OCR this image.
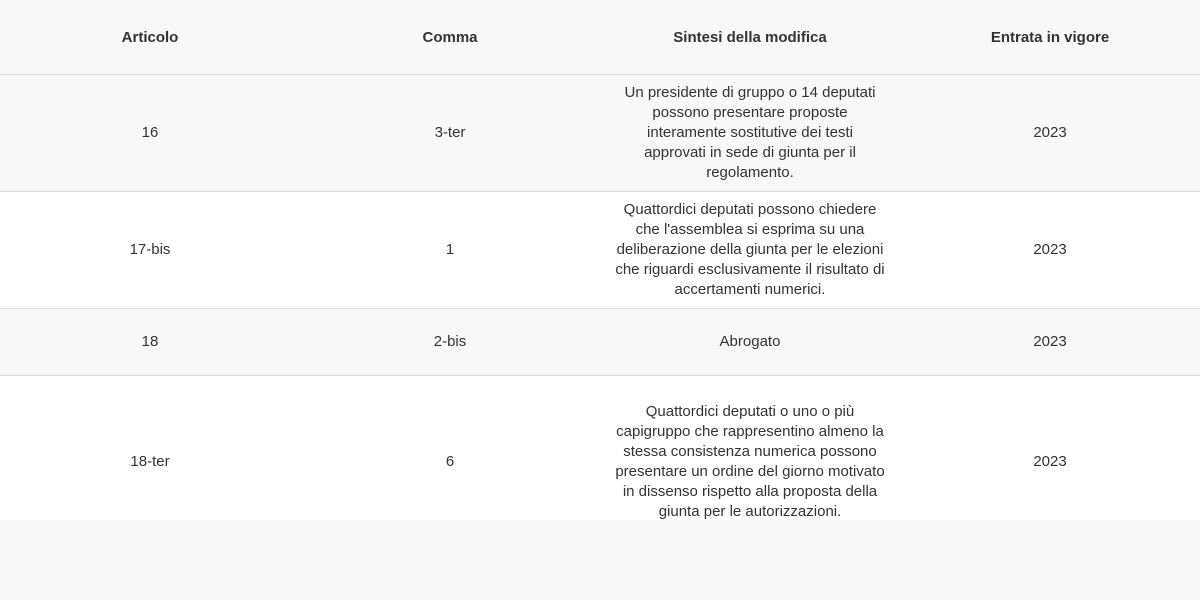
Articolo	Comma	Sintesi della modifica	Entrata in vigore
16	3-ter	Un presidente di gruppo o 14 deputati possono presentare proposte interamente sostitutive dei testi approvati in sede di giunta per il regolamento.	2023
17-bis	1	Quattordici deputati possono chiedere che l'assemblea si esprima su una deliberazione della giunta per le elezioni che riguardi esclusivamente il risultato di accertamenti numerici.	2023
18	2-bis	Abrogato	2023
18-ter	6	Quattordici deputati o uno o più capigruppo che rappresentino almeno la stessa consistenza numerica possono presentare un ordine del giorno motivato in dissenso rispetto alla proposta della giunta per le autorizzazioni.	2023
